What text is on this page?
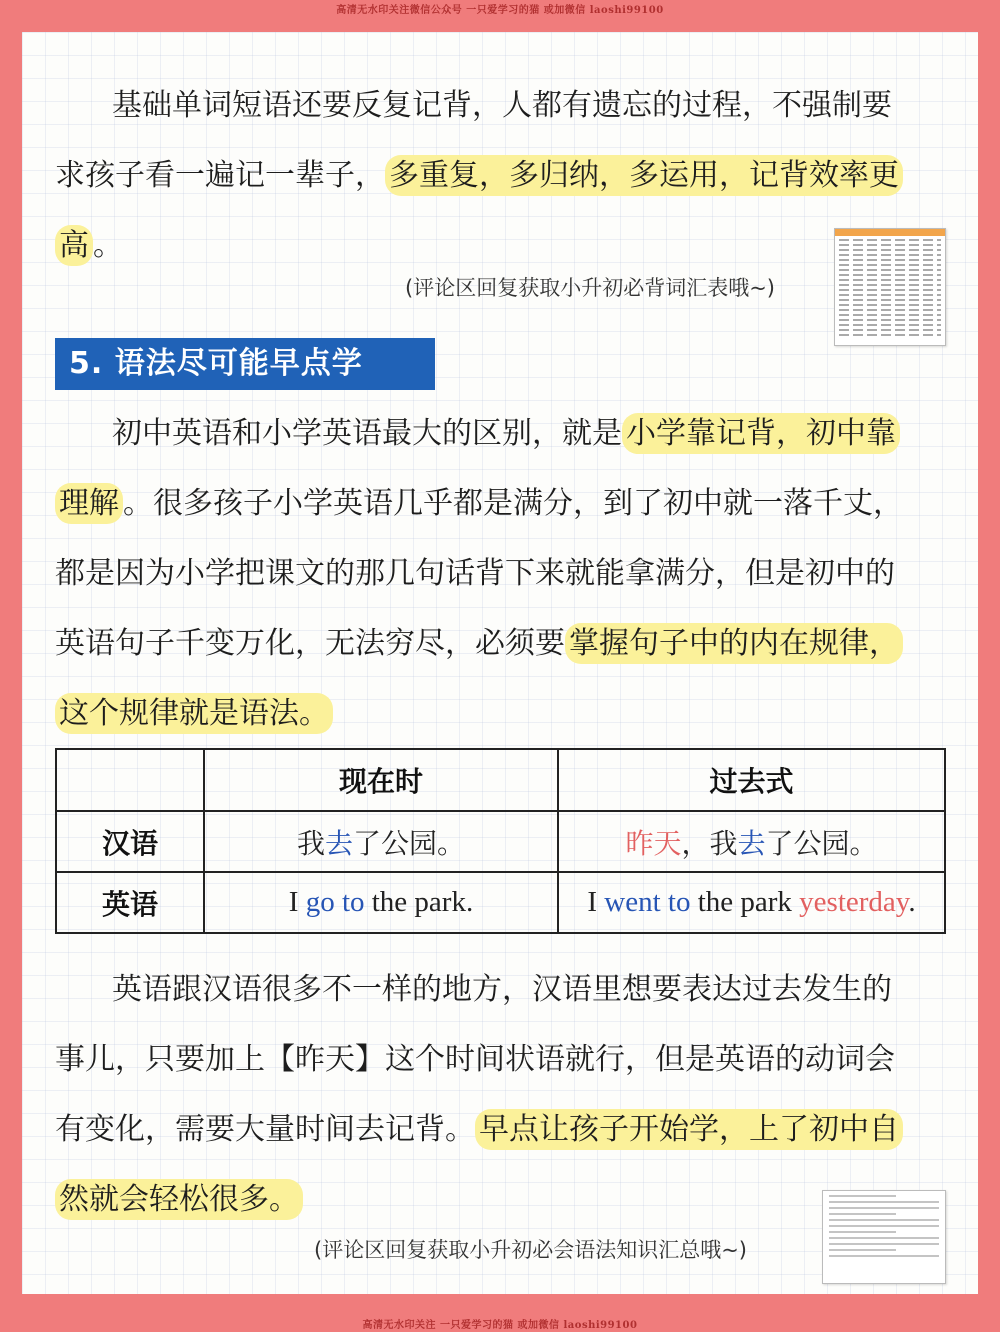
高清无水印关注微信公众号 一只爱学习的猫 或加微信 laoshi99100
基础单词短语还要反复记背，人都有遗忘的过程，不强制要
求孩子看一遍记一辈子， 多重复，多归纳，多运用，记背效率更
高 。
(评论区回复获取小升初必背词汇表哦~)
5. 语法尽可能早点学
初中英语和小学英语最大的区别，就是 小学靠记背，初中靠
理解 。很多孩子小学英语几乎都是满分，到了初中就一落千丈，
都是因为小学把课文的那几句话背下来就能拿满分，但是初中的
英语句子千变万化，无法穷尽，必须要 掌握句子中的内在规律，
这个规律就是语法。
	现在时	过去式
汉语	我去了公园。	昨天，我去了公园。
英语	I go to the park.	I went to the park yesterday.
英语跟汉语很多不一样的地方，汉语里想要表达过去发生的
事儿，只要加上【昨天】这个时间状语就行，但是英语的动词会
有变化，需要大量时间去记背。 早点让孩子开始学，上了初中自
然就会轻松很多。
(评论区回复获取小升初必会语法知识汇总哦~)
高清无水印关注 一只爱学习的猫 或加微信 laoshi99100
